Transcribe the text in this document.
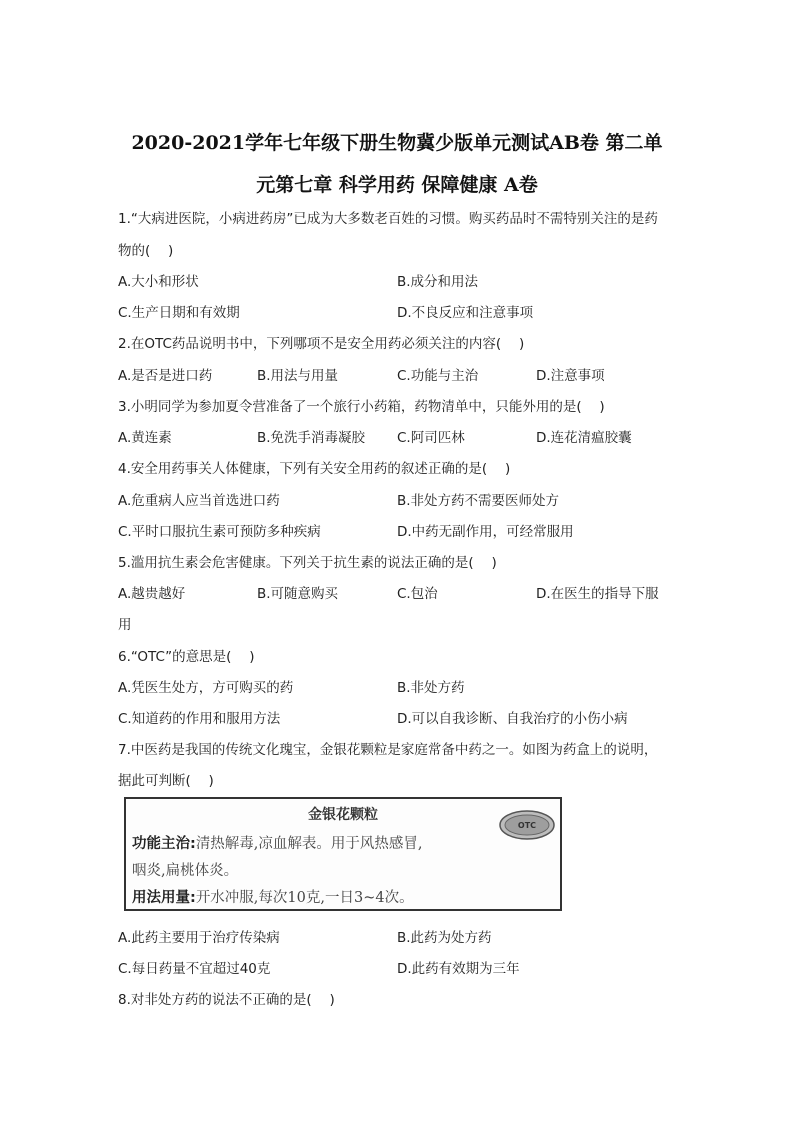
2020-2021学年七年级下册生物冀少版单元测试AB卷 第二单
元第七章 科学用药 保障健康 A卷
1.“大病进医院，小病进药房”已成为大多数老百姓的习惯。购买药品时不需特别关注的是药
物的(　 )
A.大小和形状	B.成分和用法
C.生产日期和有效期	D.不良反应和注意事项
2.在OTC药品说明书中，下列哪项不是安全用药必须关注的内容(　 )
A.是否是进口药	B.用法与用量	C.功能与主治	D.注意事项
3.小明同学为参加夏令营准备了一个旅行小药箱，药物清单中，只能外用的是(　 )
A.黄连素	B.免洗手消毒凝胶 C.阿司匹林	D.连花清瘟胶囊
4.安全用药事关人体健康，下列有关安全用药的叙述正确的是(　 )
A.危重病人应当首选进口药	B.非处方药不需要医师处方
C.平时口服抗生素可预防多种疾病	D.中药无副作用，可经常服用
5.滥用抗生素会危害健康。下列关于抗生素的说法正确的是(　 )
A.越贵越好	B.可随意购买	C.包治	D.在医生的指导下服
用
6.“OTC”的意思是(　 )
A.凭医生处方，方可购买的药	B.非处方药
C.知道药的作用和服用方法	D.可以自我诊断、自我治疗的小伤小病
7.中医药是我国的传统文化瑰宝，金银花颗粒是家庭常备中药之一。如图为药盒上的说明，
据此可判断(　 )
金银花颗粒
OTC
功能主治:清热解毒,凉血解表。用于风热感冒,
咽炎,扁桃体炎。
用法用量:开水冲服,每次10克,一日3~4次。
A.此药主要用于治疗传染病	B.此药为处方药
C.每日药量不宜超过40克	D.此药有效期为三年
8.对非处方药的说法不正确的是(　 )
